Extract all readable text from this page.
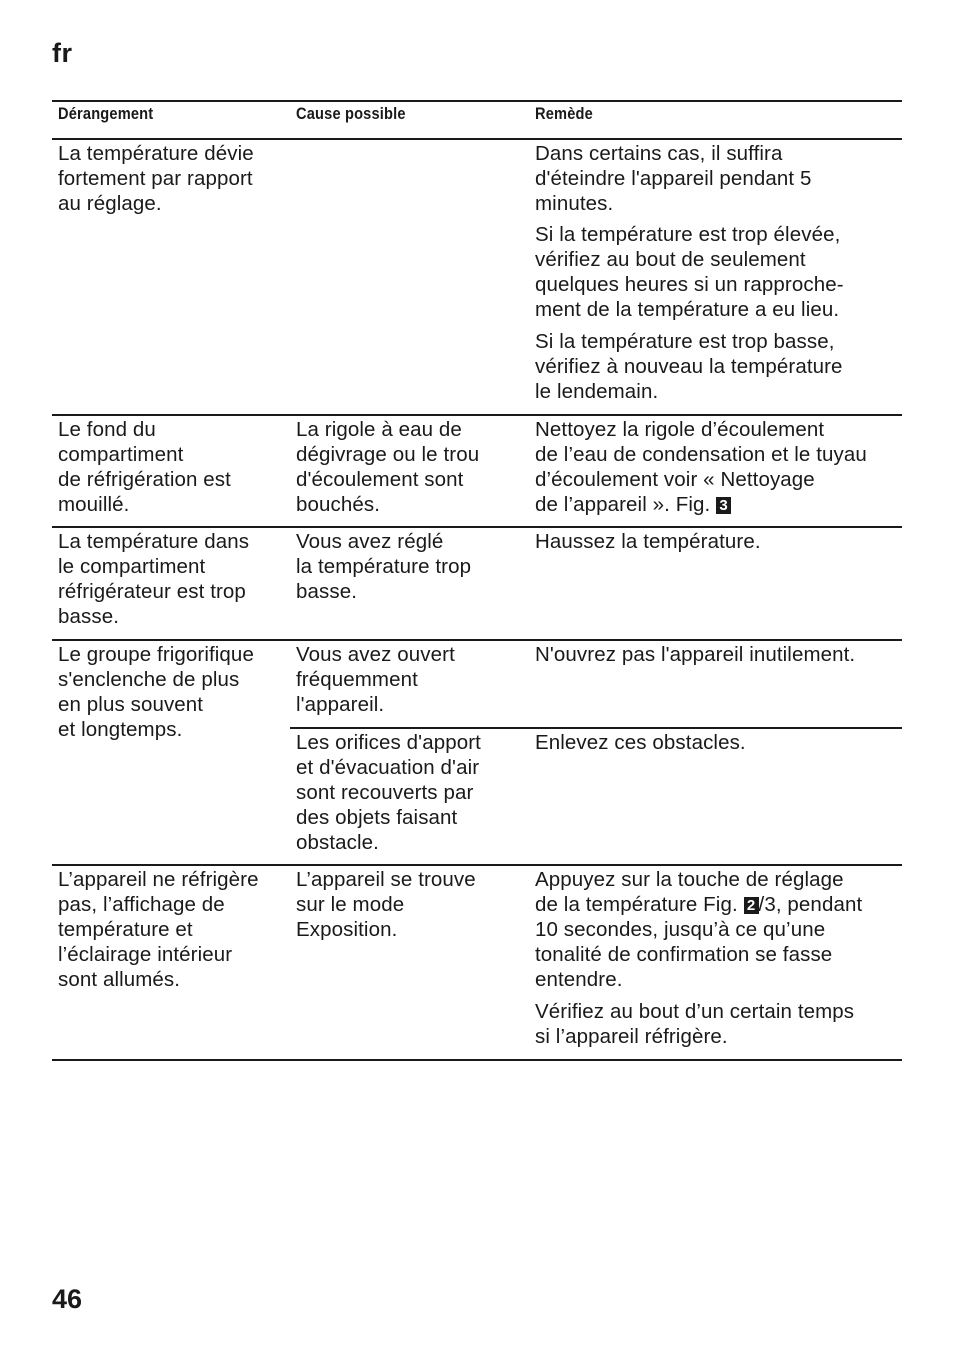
fr
Dérangement	Cause possible	Remède
La température dévie
fortement par rapport
au réglage.
Dans certains cas, il suffira
d'éteindre l'appareil pendant 5
minutes.
Si la température est trop élevée,
vérifiez au bout de seulement
quelques heures si un rapproche-
ment de la température a eu lieu.
Si la température est trop basse,
vérifiez à nouveau la température
le lendemain.
Le fond du
compartiment
de réfrigération est
mouillé.
La rigole à eau de
dégivrage ou le trou
d'écoulement sont
bouchés.
Nettoyez la rigole d’écoulement
de l’eau de condensation et le tuyau
d’écoulement voir « Nettoyage
de l’appareil ». Fig. 3
La température dans
le compartiment
réfrigérateur est trop
basse.
Vous avez réglé
la température trop
basse.
Haussez la température.
Le groupe frigorifique
s'enclenche de plus
en plus souvent
et longtemps.
Vous avez ouvert
fréquemment
l'appareil.
N'ouvrez pas l'appareil inutilement.
Les orifices d'apport
et d'évacuation d'air
sont recouverts par
des objets faisant
obstacle.
Enlevez ces obstacles.
L’appareil ne réfrigère
pas, l’affichage de
température et
l’éclairage intérieur
sont allumés.
L’appareil se trouve
sur le mode
Exposition.
Appuyez sur la touche de réglage
de la température Fig. 2 /3, pendant
10 secondes, jusqu’à ce qu’une
tonalité de confirmation se fasse
entendre.
Vérifiez au bout d’un certain temps
si l’appareil réfrigère.
46
